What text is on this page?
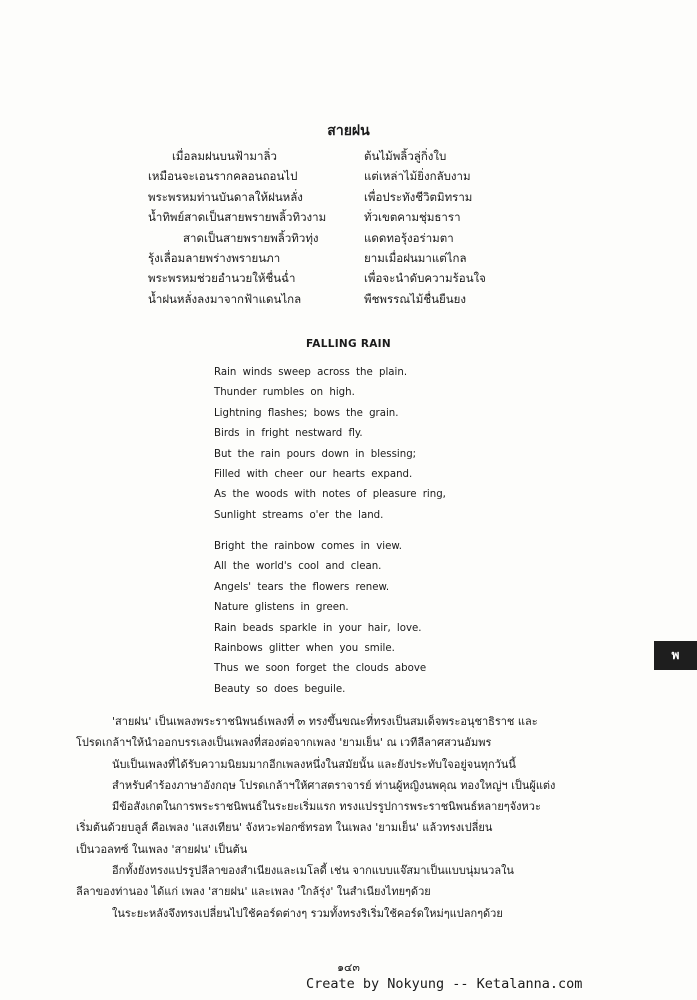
สายฝน
เมื่อลมฝนบนฟ้ามาลิ่ว	ต้นไม้พลิ้วลู่กิ่งใบ
เหมือนจะเอนรากคลอนถอนไป	แต่เหล่าไม้ยิ่งกลับงาม
พระพรหมท่านบันดาลให้ฝนหลั่ง	เพื่อประทังชีวิตมิทราม
น้ำทิพย์สาดเป็นสายพรายพลิ้วทิวงาม	ทั่วเขตคามชุ่มธารา
สาดเป็นสายพรายพลิ้วทิวทุ่ง	แดดทอรุ้งอร่ามตา
รุ้งเลื่อมลายพร่างพรายนภา	ยามเมื่อฝนมาแต่ไกล
พระพรหมช่วยอำนวยให้ชื่นฉ่ำ	เพื่อจะนำดับความร้อนใจ
น้ำฝนหลั่งลงมาจากฟ้าแดนไกล	พืชพรรณไม้ชื่นยืนยง
FALLING RAIN
Rain winds sweep across the plain.
Thunder rumbles on high.
Lightning flashes; bows the grain.
Birds in fright nestward fly.
But the rain pours down in blessing;
Filled with cheer our hearts expand.
As the woods with notes of pleasure ring,
Sunlight streams o'er the land.
Bright the rainbow comes in view.
All the world's cool and clean.
Angels' tears the flowers renew.
Nature glistens in green.
Rain beads sparkle in your hair, love.
Rainbows glitter when you smile.
Thus we soon forget the clouds above
Beauty so does beguile.
'สายฝน' เป็นเพลงพระราชนิพนธ์เพลงที่ ๓ ทรงขึ้นขณะที่ทรงเป็นสมเด็จพระอนุชาธิราช และ
โปรดเกล้าฯให้นำออกบรรเลงเป็นเพลงที่สองต่อจากเพลง 'ยามเย็น' ณ เวทีลีลาศสวนอัมพร
นับเป็นเพลงที่ได้รับความนิยมมากอีกเพลงหนึ่งในสมัยนั้น และยังประทับใจอยู่จนทุกวันนี้
สำหรับคำร้องภาษาอังกฤษ โปรดเกล้าฯให้ศาสตราจารย์ ท่านผู้หญิงนพคุณ ทองใหญ่ฯ เป็นผู้แต่ง
มีข้อสังเกตในการพระราชนิพนธ์ในระยะเริ่มแรก ทรงแปรรูปการพระราชนิพนธ์หลายๆจังหวะ
เริ่มต้นด้วยบลูส์ คือเพลง 'แสงเทียน' จังหวะฟอกซ์ทรอท ในเพลง 'ยามเย็น' แล้วทรงเปลี่ยน
เป็นวอลทซ์ ในเพลง 'สายฝน' เป็นต้น
อีกทั้งยังทรงแปรรูปลีลาของสำเนียงและเมโลดี้ เช่น จากแบบแจ๊สมาเป็นแบบนุ่มนวลใน
ลีลาของท่านอง ได้แก่ เพลง 'สายฝน' และเพลง 'ใกล้รุ่ง' ในสำเนียงไทยๆด้วย
ในระยะหลังจึงทรงเปลี่ยนไปใช้คอร์ดต่างๆ รวมทั้งทรงริเริ่มใช้คอร์ดใหม่ๆแปลกๆด้วย
๑๔๓
Create by Nokyung -- Ketalanna.com
พ
